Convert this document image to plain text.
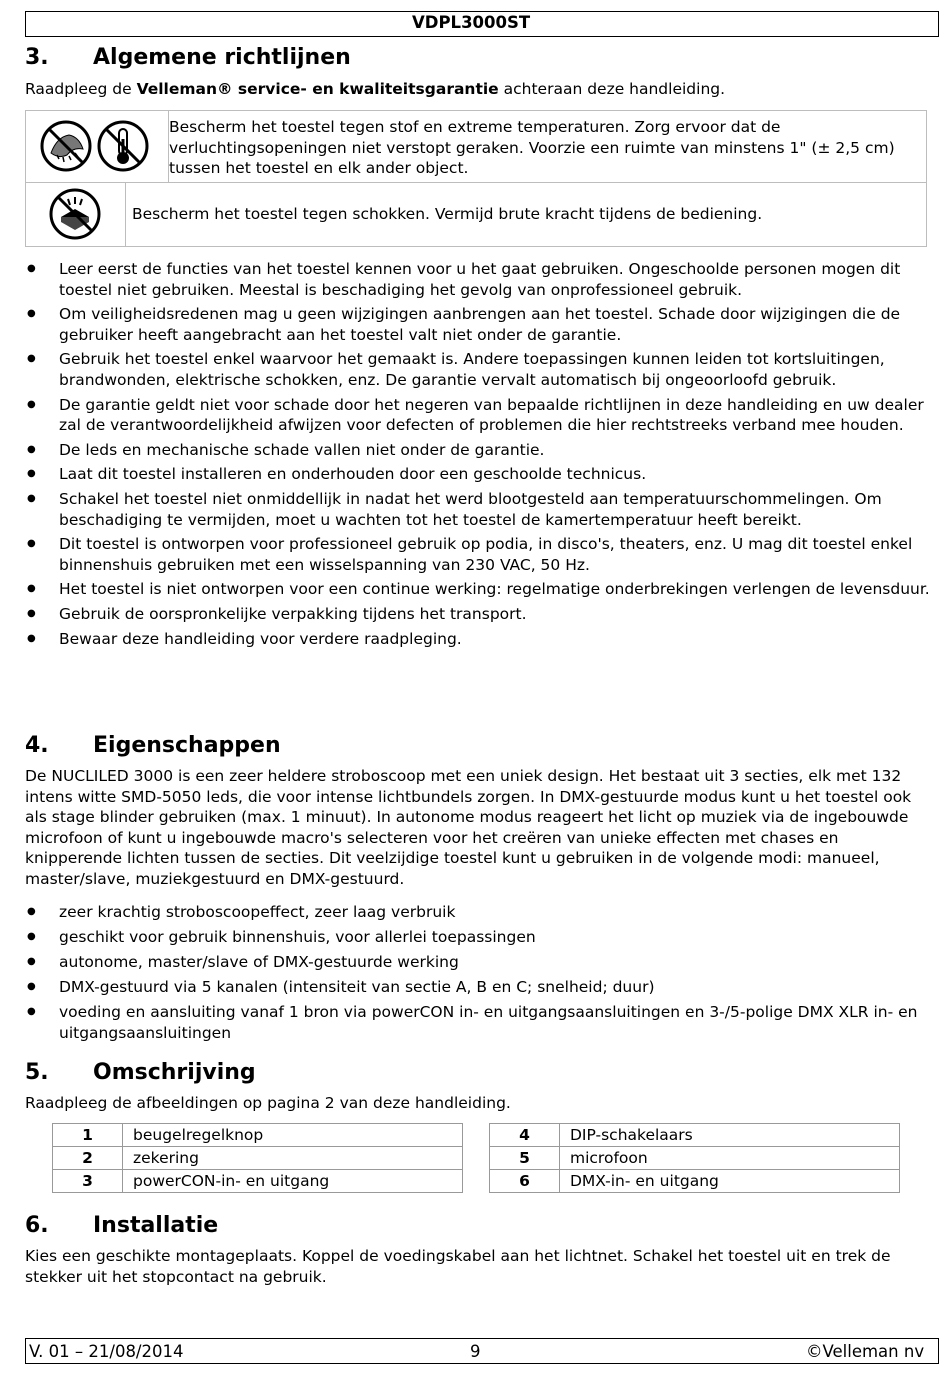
VDPL3000ST
3. Algemene richtlijnen

Raadpleeg de Velleman® service- en kwaliteitsgarantie achteraan deze handleiding.

Bescherm het toestel tegen stof en extreme temperaturen. Zorg ervoor dat de verluchtingsopeningen niet verstopt geraken. Voorzie een ruimte van minstens 1" (± 2,5 cm) tussen het toestel en elk ander object.
Bescherm het toestel tegen schokken. Vermijd brute kracht tijdens de bediening.
● Leer eerst de functies van het toestel kennen voor u het gaat gebruiken. Ongeschoolde personen mogen dit toestel niet gebruiken. Meestal is beschadiging het gevolg van onprofessioneel gebruik.
● Om veiligheidsredenen mag u geen wijzigingen aanbrengen aan het toestel. Schade door wijzigingen die de gebruiker heeft aangebracht aan het toestel valt niet onder de garantie.
● Gebruik het toestel enkel waarvoor het gemaakt is. Andere toepassingen kunnen leiden tot kortsluitingen, brandwonden, elektrische schokken, enz. De garantie vervalt automatisch bij ongeoorloofd gebruik.
● De garantie geldt niet voor schade door het negeren van bepaalde richtlijnen in deze handleiding en uw dealer zal de verantwoordelijkheid afwijzen voor defecten of problemen die hier rechtstreeks verband mee houden.
● De leds en mechanische schade vallen niet onder de garantie.
● Laat dit toestel installeren en onderhouden door een geschoolde technicus.
● Schakel het toestel niet onmiddellijk in nadat het werd blootgesteld aan temperatuurschommelingen. Om beschadiging te vermijden, moet u wachten tot het toestel de kamertemperatuur heeft bereikt.
● Dit toestel is ontworpen voor professioneel gebruik op podia, in disco's, theaters, enz. U mag dit toestel enkel binnenshuis gebruiken met een wisselspanning van 230 VAC, 50 Hz.
● Het toestel is niet ontworpen voor een continue werking: regelmatige onderbrekingen verlengen de levensduur.
● Gebruik de oorspronkelijke verpakking tijdens het transport.
● Bewaar deze handleiding voor verdere raadpleging.
4. Eigenschappen

De NUCLILED 3000 is een zeer heldere stroboscoop met een uniek design. Het bestaat uit 3 secties, elk met 132 intens witte SMD-5050 leds, die voor intense lichtbundels zorgen. In DMX-gestuurde modus kunt u het toestel ook als stage blinder gebruiken (max. 1 minuut). In autonome modus reageert het licht op muziek via de ingebouwde microfoon of kunt u ingebouwde macro's selecteren voor het creëren van unieke effecten met chases en knipperende lichten tussen de secties. Dit veelzijdige toestel kunt u gebruiken in de volgende modi: manueel, master/slave, muziekgestuurd en DMX-gestuurd.

● zeer krachtig stroboscoopeffect, zeer laag verbruik
● geschikt voor gebruik binnenshuis, voor allerlei toepassingen
● autonome, master/slave of DMX-gestuurde werking
● DMX-gestuurd via 5 kanalen (intensiteit van sectie A, B en C; snelheid; duur)
● voeding en aansluiting vanaf 1 bron via powerCON in- en uitgangsaansluitingen en 3-/5-polige DMX XLR in- en uitgangsaansluitingen
5. Omschrijving

Raadpleeg de afbeeldingen op pagina 2 van deze handleiding.

1	beugelregelknop
2	zekering
3	powerCON-in- en uitgang
4	DIP-schakelaars
5	microfoon
6	DMX-in- en uitgang
6. Installatie

Kies een geschikte montageplaats. Koppel de voedingskabel aan het lichtnet. Schakel het toestel uit en trek de stekker uit het stopcontact na gebruik.

V. 01 – 21/08/2014	9	©Velleman nv
